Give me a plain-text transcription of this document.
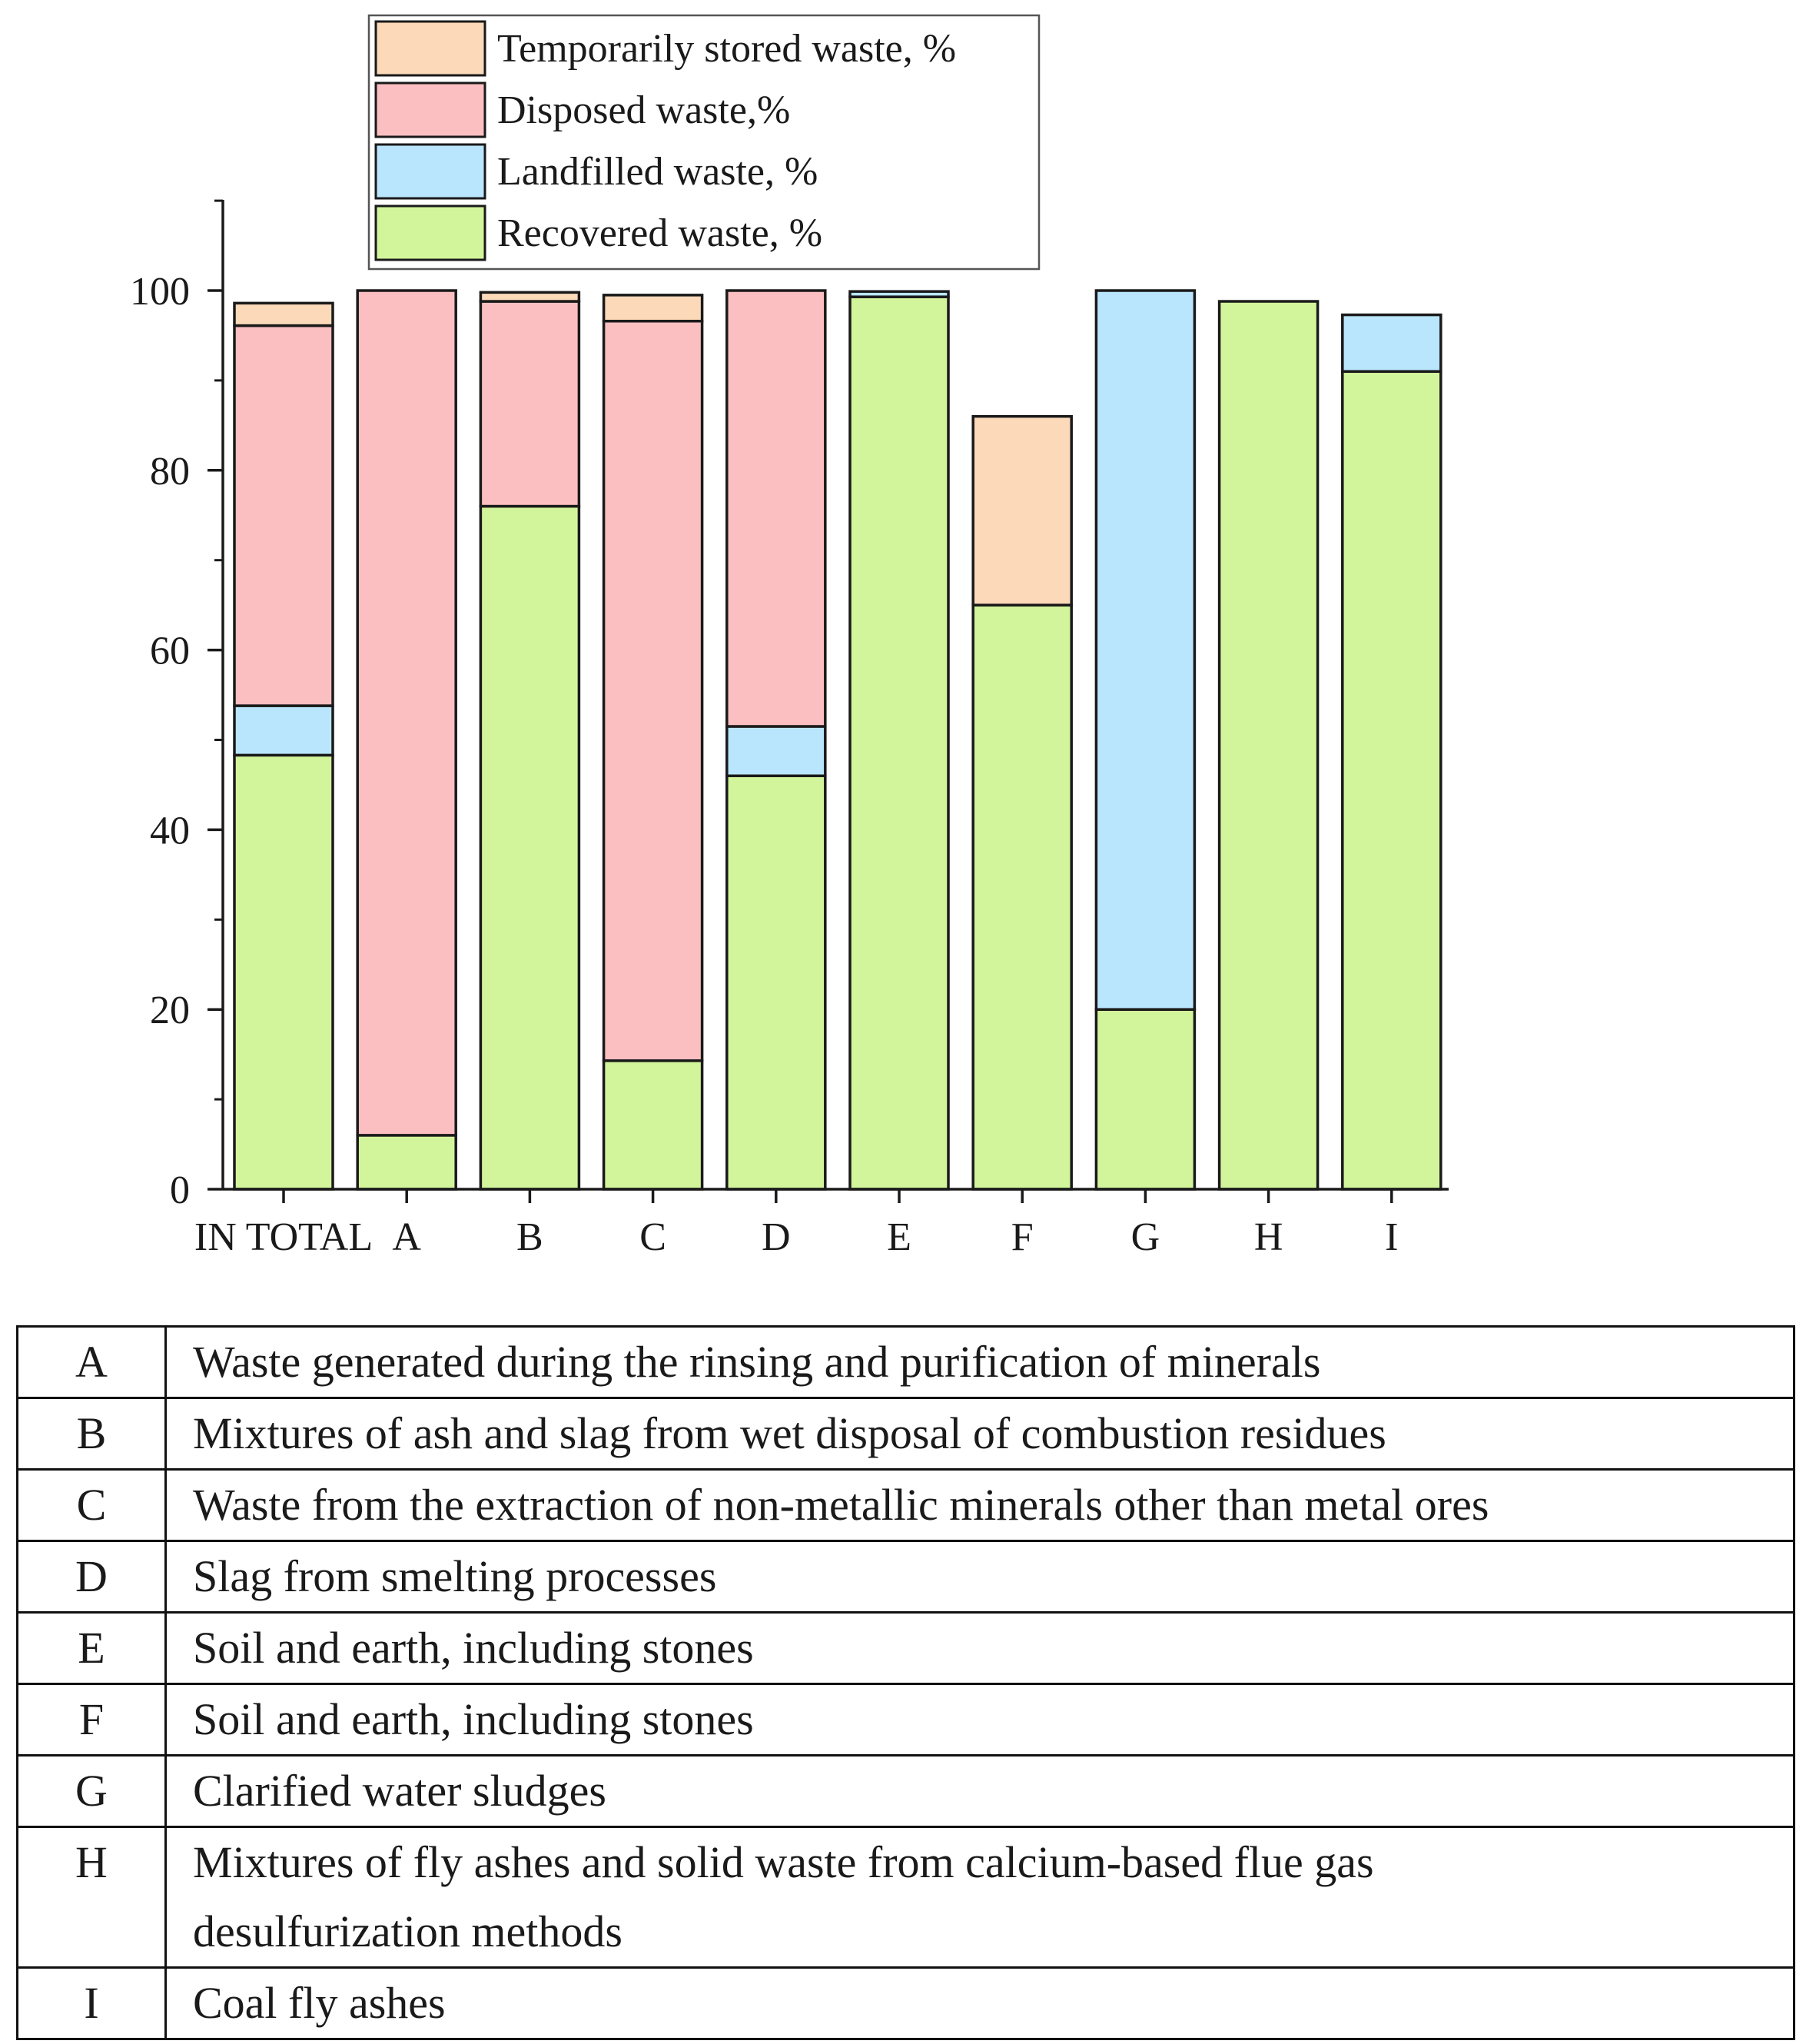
IN TOTAL A B C D E F G H	I
0
20
40
60
80
100
Temporarily stored waste, %
Disposed waste,%
Landfilled waste, %
Recovered waste, %
A	Waste generated during the rinsing and purification of minerals
B	Mixtures of ash and slag from wet disposal of combustion residues
C	Waste from the extraction of non-metallic minerals other than metal ores
D	Slag from smelting processes
E	Soil and earth, including stones
F	Soil and earth, including stones
G	Clarified water sludges
H	Mixtures of fly ashes and solid waste from calcium-based flue gas desulfurization methods
I	Coal fly ashes
